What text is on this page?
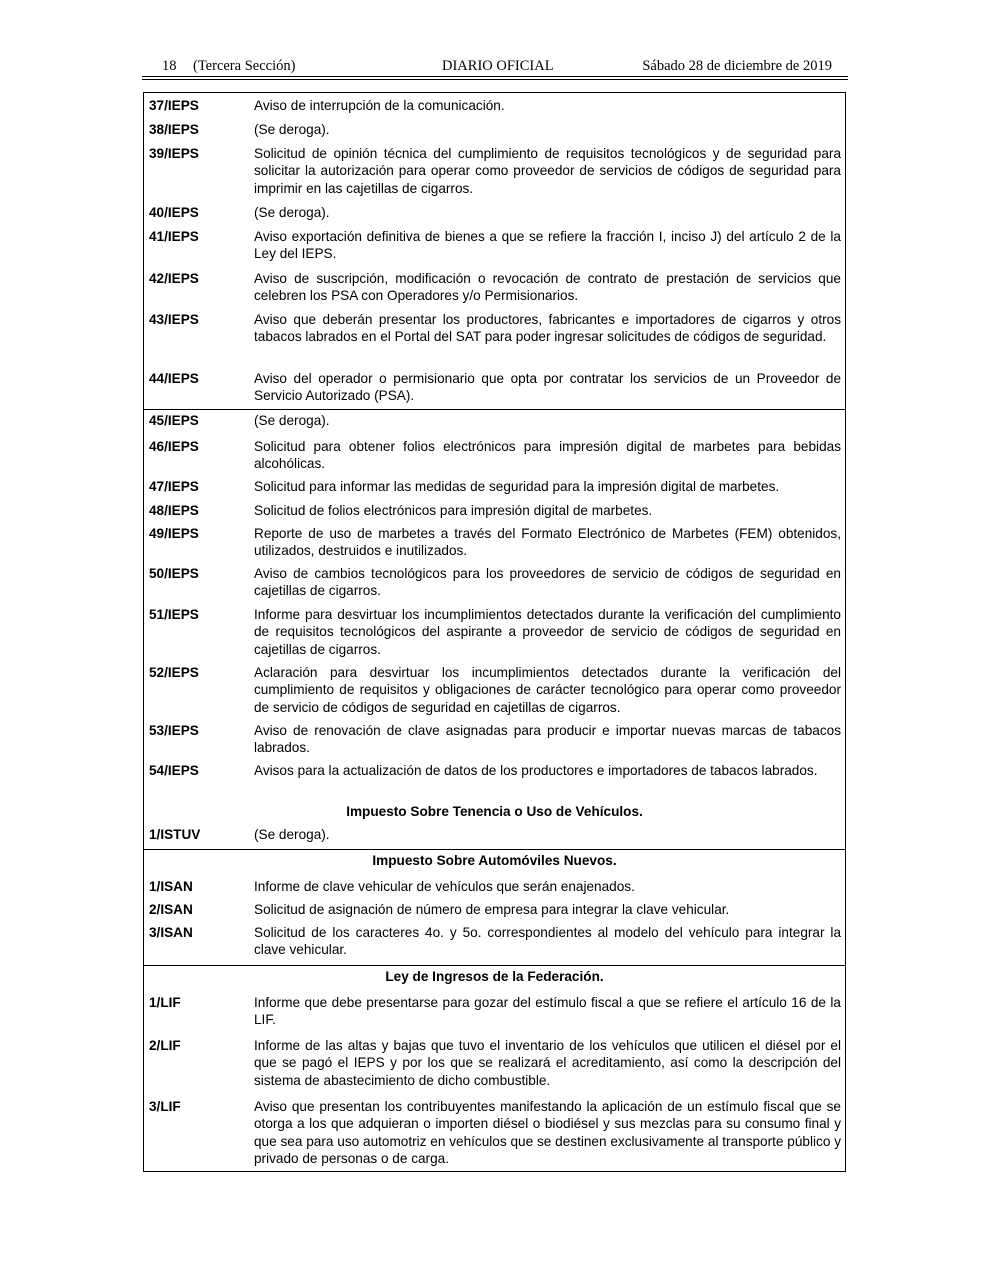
18 (Tercera Sección)	DIARIO OFICIAL	Sábado 28 de diciembre de 2019
37/IEPS	Aviso de interrupción de la comunicación.
38/IEPS	(Se deroga).
39/IEPS	Solicitud de opinión técnica del cumplimiento de requisitos tecnológicos y de seguridad para solicitar la autorización para operar como proveedor de servicios de códigos de seguridad para imprimir en las cajetillas de cigarros.
40/IEPS	(Se deroga).
41/IEPS	Aviso exportación definitiva de bienes a que se refiere la fracción I, inciso J) del artículo 2 de la Ley del IEPS.
42/IEPS	Aviso de suscripción, modificación o revocación de contrato de prestación de servicios que celebren los PSA con Operadores y/o Permisionarios.
43/IEPS	Aviso que deberán presentar los productores, fabricantes e importadores de cigarros y otros tabacos labrados en el Portal del SAT para poder ingresar solicitudes de códigos de seguridad.
44/IEPS	Aviso del operador o permisionario que opta por contratar los servicios de un Proveedor de Servicio Autorizado (PSA).
45/IEPS	(Se deroga).
46/IEPS	Solicitud para obtener folios electrónicos para impresión digital de marbetes para bebidas alcohólicas.
47/IEPS	Solicitud para informar las medidas de seguridad para la impresión digital de marbetes.
48/IEPS	Solicitud de folios electrónicos para impresión digital de marbetes.
49/IEPS	Reporte de uso de marbetes a través del Formato Electrónico de Marbetes (FEM) obtenidos, utilizados, destruidos e inutilizados.
50/IEPS	Aviso de cambios tecnológicos para los proveedores de servicio de códigos de seguridad en cajetillas de cigarros.
51/IEPS	Informe para desvirtuar los incumplimientos detectados durante la verificación del cumplimiento de requisitos tecnológicos del aspirante a proveedor de servicio de códigos de seguridad en cajetillas de cigarros.
52/IEPS	Aclaración para desvirtuar los incumplimientos detectados durante la verificación del cumplimiento de requisitos y obligaciones de carácter tecnológico para operar como proveedor de servicio de códigos de seguridad en cajetillas de cigarros.
53/IEPS	Aviso de renovación de clave asignadas para producir e importar nuevas marcas de tabacos labrados.
54/IEPS	Avisos para la actualización de datos de los productores e importadores de tabacos labrados.
Impuesto Sobre Tenencia o Uso de Vehículos.
1/ISTUV	(Se deroga).
Impuesto Sobre Automóviles Nuevos.
1/ISAN	Informe de clave vehicular de vehículos que serán enajenados.
2/ISAN	Solicitud de asignación de número de empresa para integrar la clave vehicular.
3/ISAN	Solicitud de los caracteres 4o. y 5o. correspondientes al modelo del vehículo para integrar la clave vehicular.
Ley de Ingresos de la Federación.
1/LIF	Informe que debe presentarse para gozar del estímulo fiscal a que se refiere el artículo 16 de la LIF.
2/LIF	Informe de las altas y bajas que tuvo el inventario de los vehículos que utilicen el diésel por el que se pagó el IEPS y por los que se realizará el acreditamiento, así como la descripción del sistema de abastecimiento de dicho combustible.
3/LIF	Aviso que presentan los contribuyentes manifestando la aplicación de un estímulo fiscal que se otorga a los que adquieran o importen diésel o biodiésel y sus mezclas para su consumo final y que sea para uso automotriz en vehículos que se destinen exclusivamente al transporte público y privado de personas o de carga.
